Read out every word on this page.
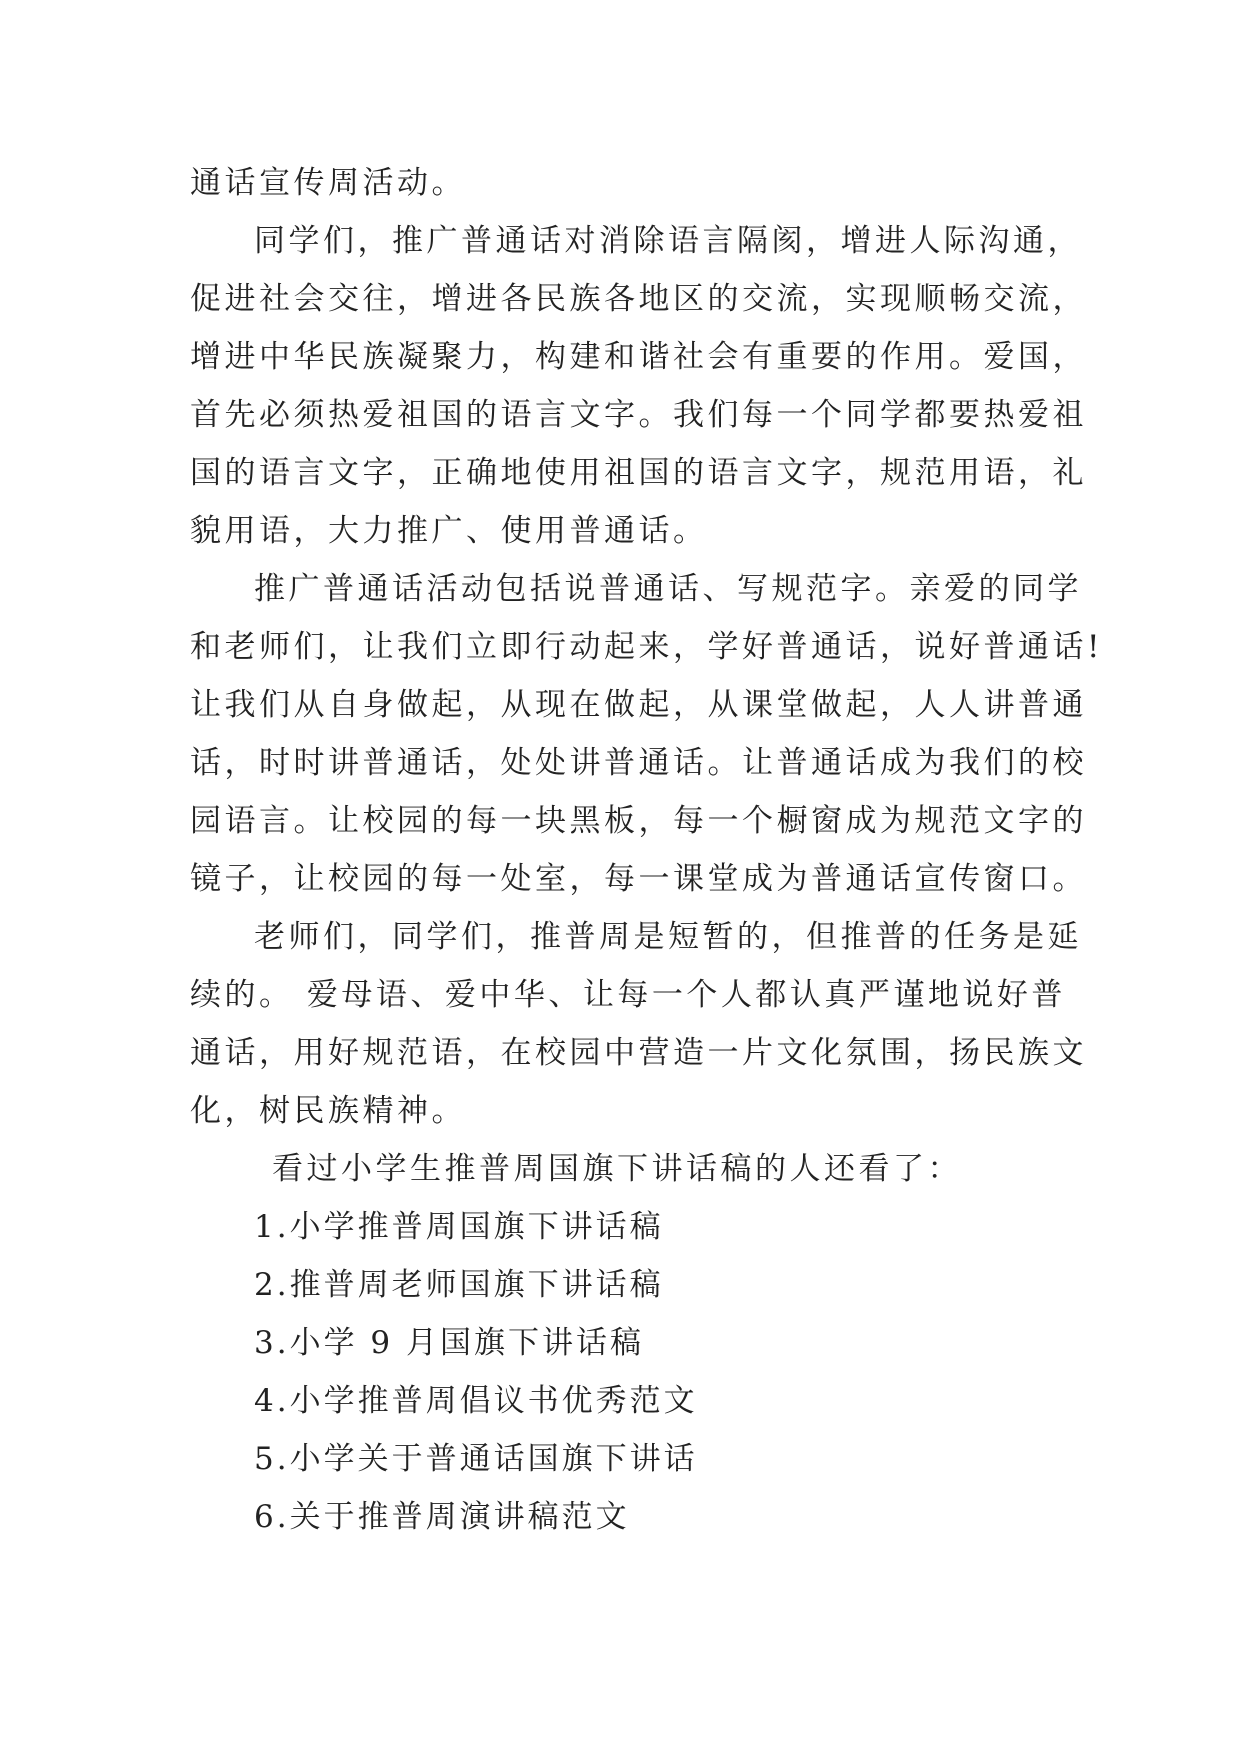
通话宣传周活动。
同学们，推广普通话对消除语言隔阂，增进人际沟通，
促进社会交往，增进各民族各地区的交流，实现顺畅交流，
增进中华民族凝聚力，构建和谐社会有重要的作用。爱国，
首先必须热爱祖国的语言文字。我们每一个同学都要热爱祖
国的语言文字，正确地使用祖国的语言文字，规范用语，礼
貌用语，大力推广、使用普通话。
推广普通话活动包括说普通话、写规范字。亲爱的同学
和老师们，让我们立即行动起来，学好普通话，说好普通话!
让我们从自身做起，从现在做起，从课堂做起，人人讲普通
话，时时讲普通话，处处讲普通话。让普通话成为我们的校
园语言。让校园的每一块黑板，每一个橱窗成为规范文字的
镜子，让校园的每一处室，每一课堂成为普通话宣传窗口。
老师们，同学们，推普周是短暂的，但推普的任务是延
续的。 爱母语、爱中华、让每一个人都认真严谨地说好普
通话，用好规范语，在校园中营造一片文化氛围，扬民族文
化，树民族精神。
看过小学生推普周国旗下讲话稿的人还看了：
1.小学推普周国旗下讲话稿
2.推普周老师国旗下讲话稿
3.小学 9 月国旗下讲话稿
4.小学推普周倡议书优秀范文
5.小学关于普通话国旗下讲话
6.关于推普周演讲稿范文
